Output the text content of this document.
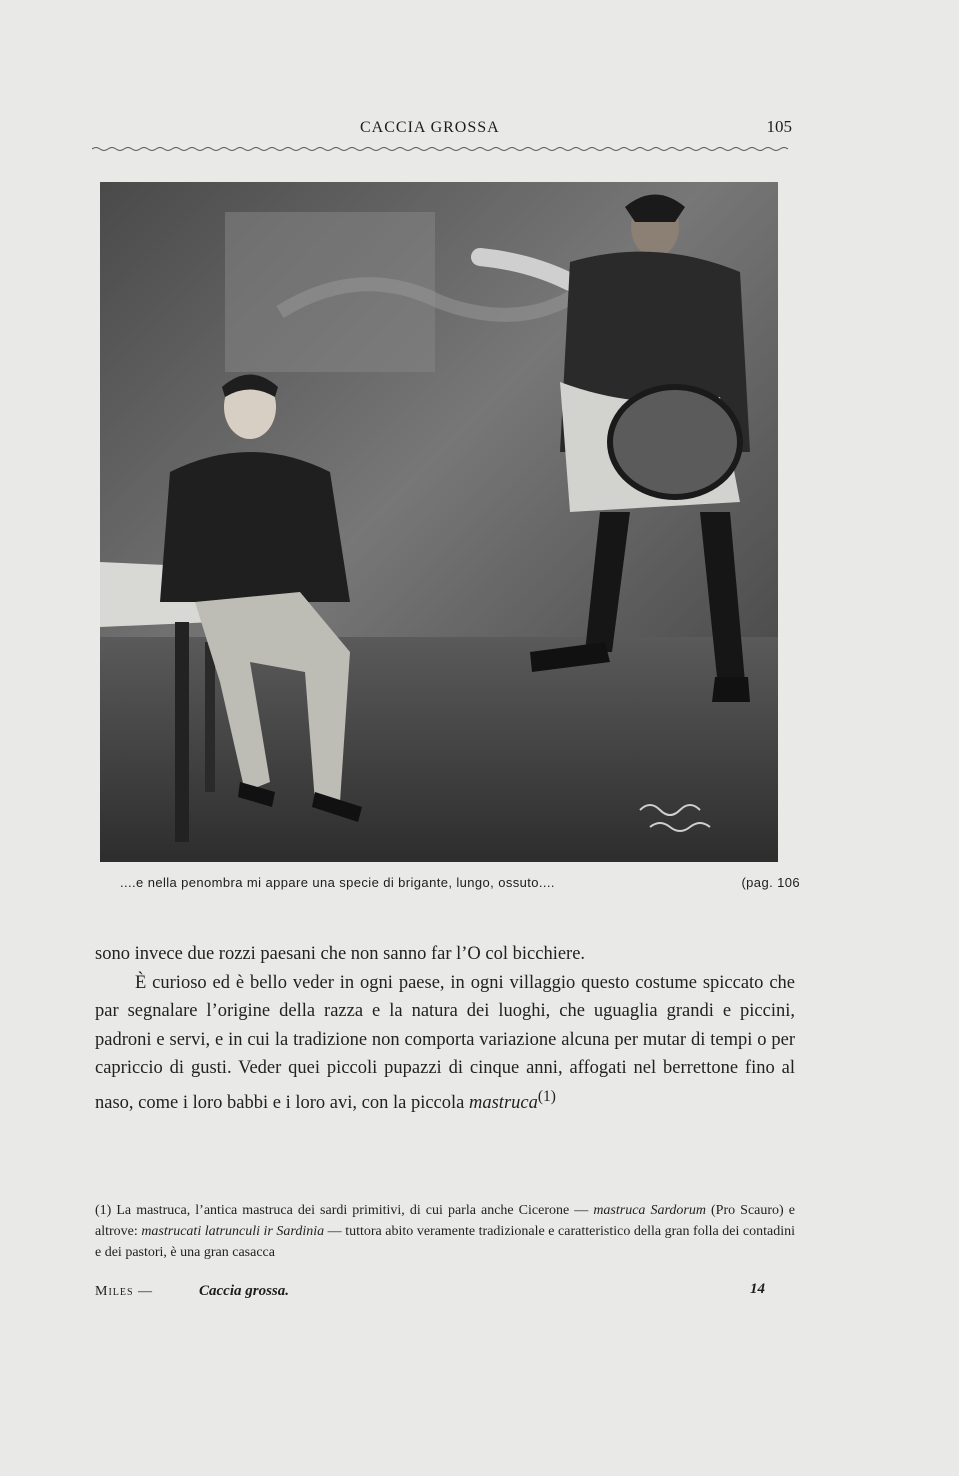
CACCIA GROSSA	105
....e nella penombra mi appare una specie di brigante, lungo, ossuto....	(pag. 106

sono invece due rozzi paesani che non sanno far l’O col bicchiere.

È curioso ed è bello veder in ogni paese, in ogni villaggio questo costume spiccato che par segnalare l’origine della razza e la natura dei luoghi, che uguaglia grandi e piccini, padroni e servi, e in cui la tradizione non comporta variazione alcuna per mutar di tempi o per capriccio di gusti. Veder quei piccoli pupazzi di cinque anni, affogati nel berrettone fino al naso, come i loro babbi e i loro avi, con la piccola mastruca$^{(1)}$

(1) La mastruca, l’antica mastruca dei sardi primitivi, di cui parla anche Cicerone — mastruca Sardorum (Pro Scauro) e altrove: mastrucati latrunculi ir Sardinia — tuttora abito veramente tradizionale e caratteristico della gran folla dei contadini e dei pastori, è una gran casacca
Miles —	Caccia grossa.	14
